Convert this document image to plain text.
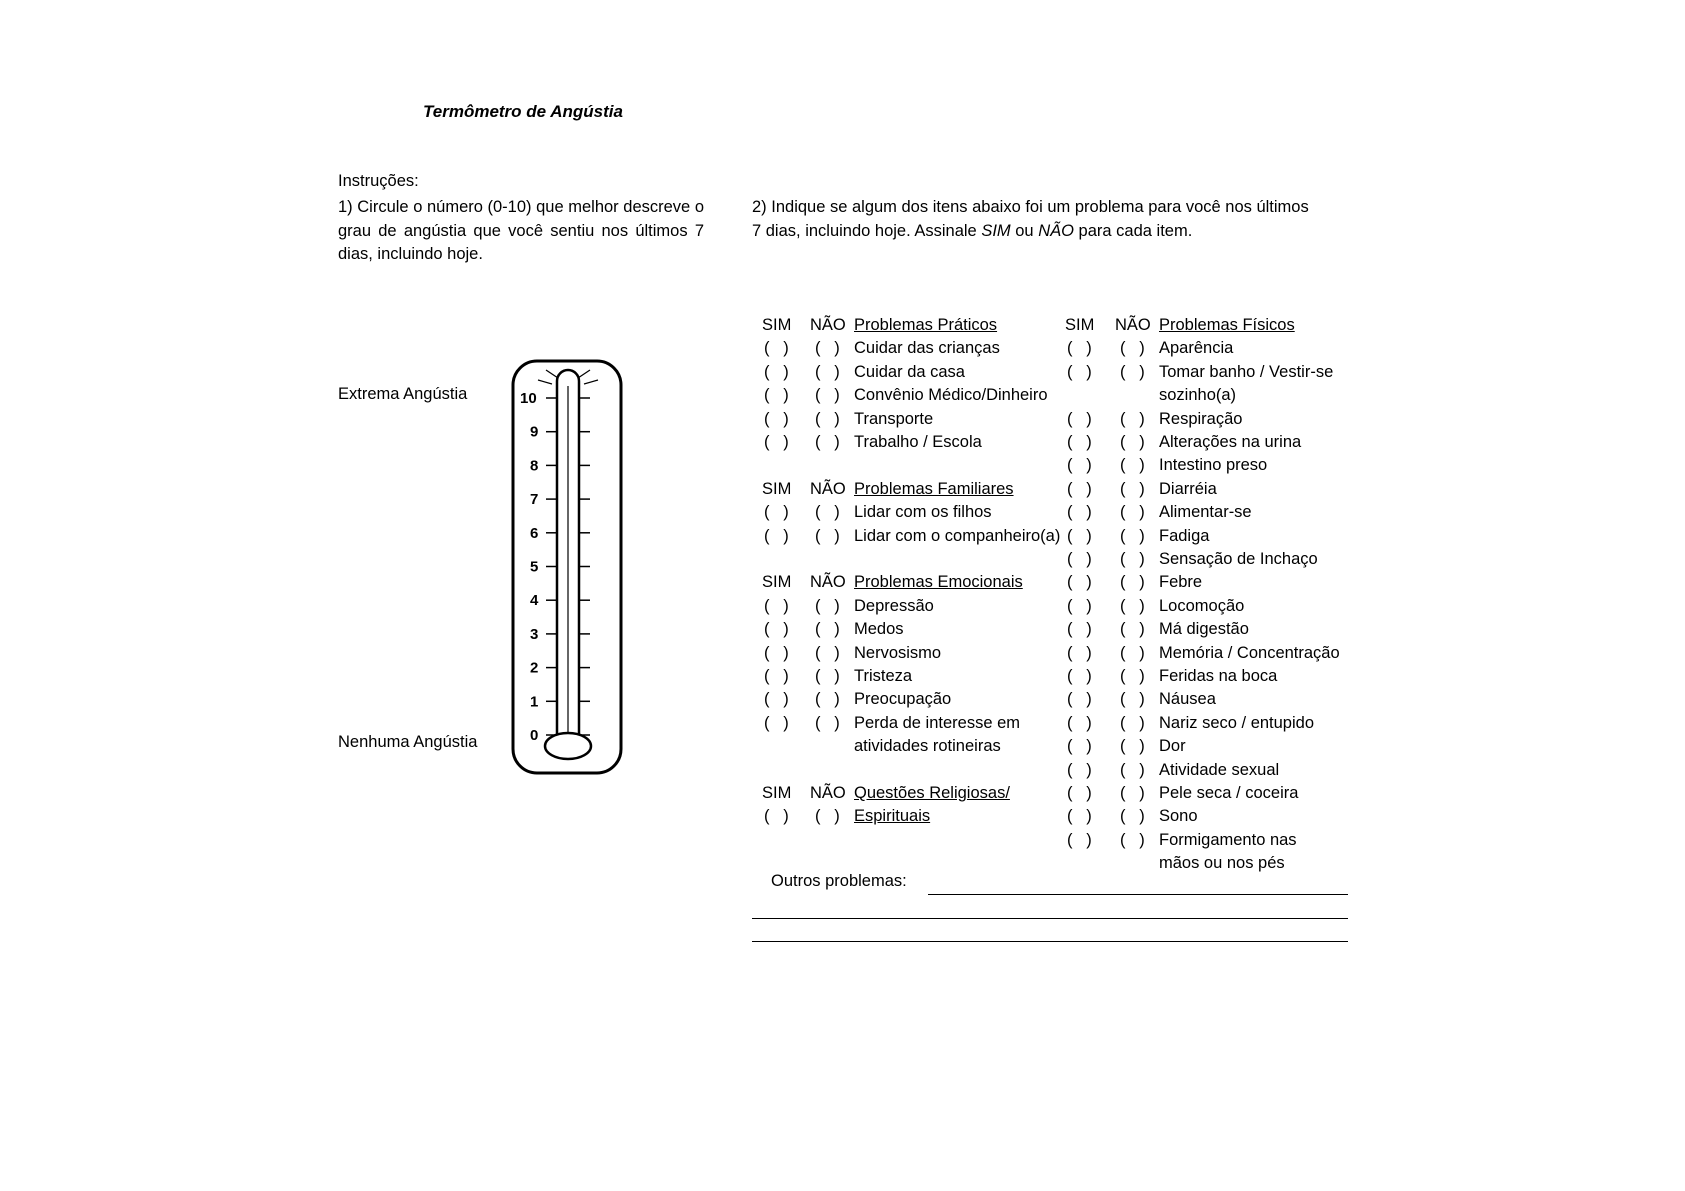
Termômetro de Angústia
Instruções:
1) Circule o número (0-10) que melhor descreve o grau de angústia que você sentiu nos últimos 7 dias, incluindo hoje.
2) Indique se algum dos itens abaixo foi um problema para você nos últimos 7 dias, incluindo hoje. Assinale SIM ou NÃO para cada item.
Extrema Angústia
Nenhuma Angústia
10
9
8
7
6
5
4
3
2
1
0
SIM NÃO Problemas Práticos
(   ) (   ) Cuidar das crianças
(   ) (   ) Cuidar da casa
(   ) (   ) Convênio Médico/Dinheiro
(   ) (   ) Transporte
(   ) (   ) Trabalho / Escola
SIM NÃO Problemas Familiares
(   ) (   ) Lidar com os filhos
(   ) (   ) Lidar com o companheiro(a)
SIM NÃO Problemas Emocionais
(   ) (   ) Depressão
(   ) (   ) Medos
(   ) (   ) Nervosismo
(   ) (   ) Tristeza
(   ) (   ) Preocupação
(   ) (   ) Perda de interesse em
atividades rotineiras
SIM NÃO Questões Religiosas/
(   ) (   ) Espirituais
SIM NÃO Problemas Físicos
(   ) (   ) Aparência
(   ) (   ) Tomar banho / Vestir-se
sozinho(a)
(   ) (   ) Respiração
(   ) (   ) Alterações na urina
(   ) (   ) Intestino preso
(   ) (   ) Diarréia
(   ) (   ) Alimentar-se
(   ) (   ) Fadiga
(   ) (   ) Sensação de Inchaço
(   ) (   ) Febre
(   ) (   ) Locomoção
(   ) (   ) Má digestão
(   ) (   ) Memória / Concentração
(   ) (   ) Feridas na boca
(   ) (   ) Náusea
(   ) (   ) Nariz seco / entupido
(   ) (   ) Dor
(   ) (   ) Atividade sexual
(   ) (   ) Pele seca / coceira
(   ) (   ) Sono
(   ) (   ) Formigamento nas
mãos ou nos pés
Outros problemas:
